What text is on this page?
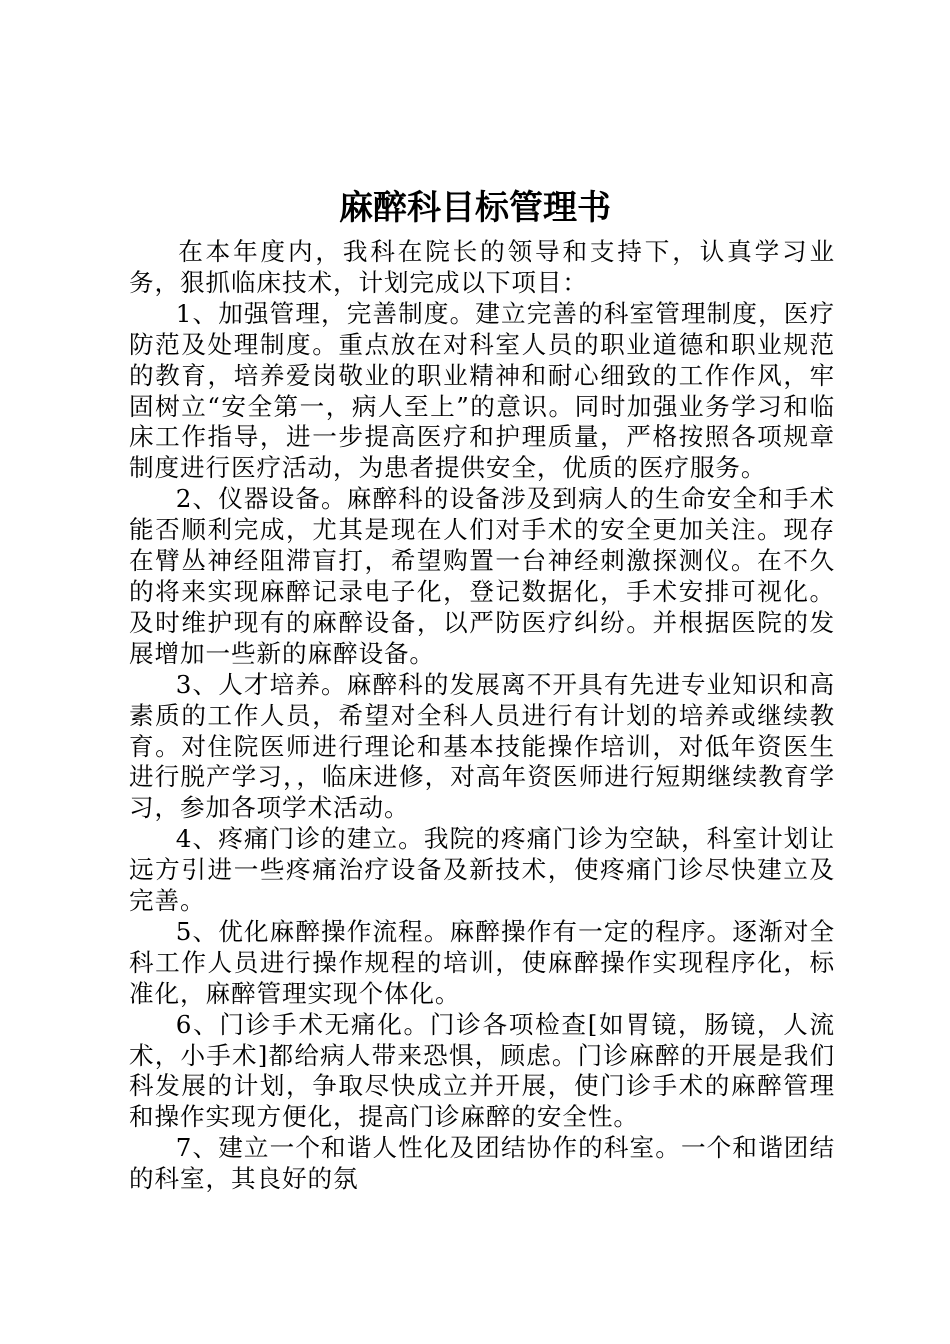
麻醉科目标管理书

在本年度内，我科在院长的领导和支持下，认真学习业务，狠抓临床技术，计划完成以下项目：

1、加强管理，完善制度。建立完善的科室管理制度，医疗防范及处理制度。重点放在对科室人员的职业道德和职业规范的教育，培养爱岗敬业的职业精神和耐心细致的工作作风，牢固树立“安全第一，病人至上”的意识。同时加强业务学习和临床工作指导，进一步提高医疗和护理质量，严格按照各项规章制度进行医疗活动，为患者提供安全，优质的医疗服务。

2、仪器设备。麻醉科的设备涉及到病人的生命安全和手术能否顺利完成，尤其是现在人们对手术的安全更加关注。现存在臂丛神经阻滞盲打，希望购置一台神经刺激探测仪。在不久的将来实现麻醉记录电子化，登记数据化，手术安排可视化。及时维护现有的麻醉设备，以严防医疗纠纷。并根据医院的发展增加一些新的麻醉设备。

3、人才培养。麻醉科的发展离不开具有先进专业知识和高素质的工作人员，希望对全科人员进行有计划的培养或继续教育。对住院医师进行理论和基本技能操作培训，对低年资医生进行脱产学习，，临床进修，对高年资医师进行短期继续教育学习，参加各项学术活动。

4、疼痛门诊的建立。我院的疼痛门诊为空缺，科室计划让远方引进一些疼痛治疗设备及新技术，使疼痛门诊尽快建立及完善。

5、优化麻醉操作流程。麻醉操作有一定的程序。逐渐对全科工作人员进行操作规程的培训，使麻醉操作实现程序化，标准化，麻醉管理实现个体化。

6、门诊手术无痛化。门诊各项检查[如胃镜，肠镜，人流术，小手术]都给病人带来恐惧，顾虑。门诊麻醉的开展是我们科发展的计划，争取尽快成立并开展，使门诊手术的麻醉管理和操作实现方便化，提高门诊麻醉的安全性。

7、建立一个和谐人性化及团结协作的科室。一个和谐团结的科室，其良好的氛
